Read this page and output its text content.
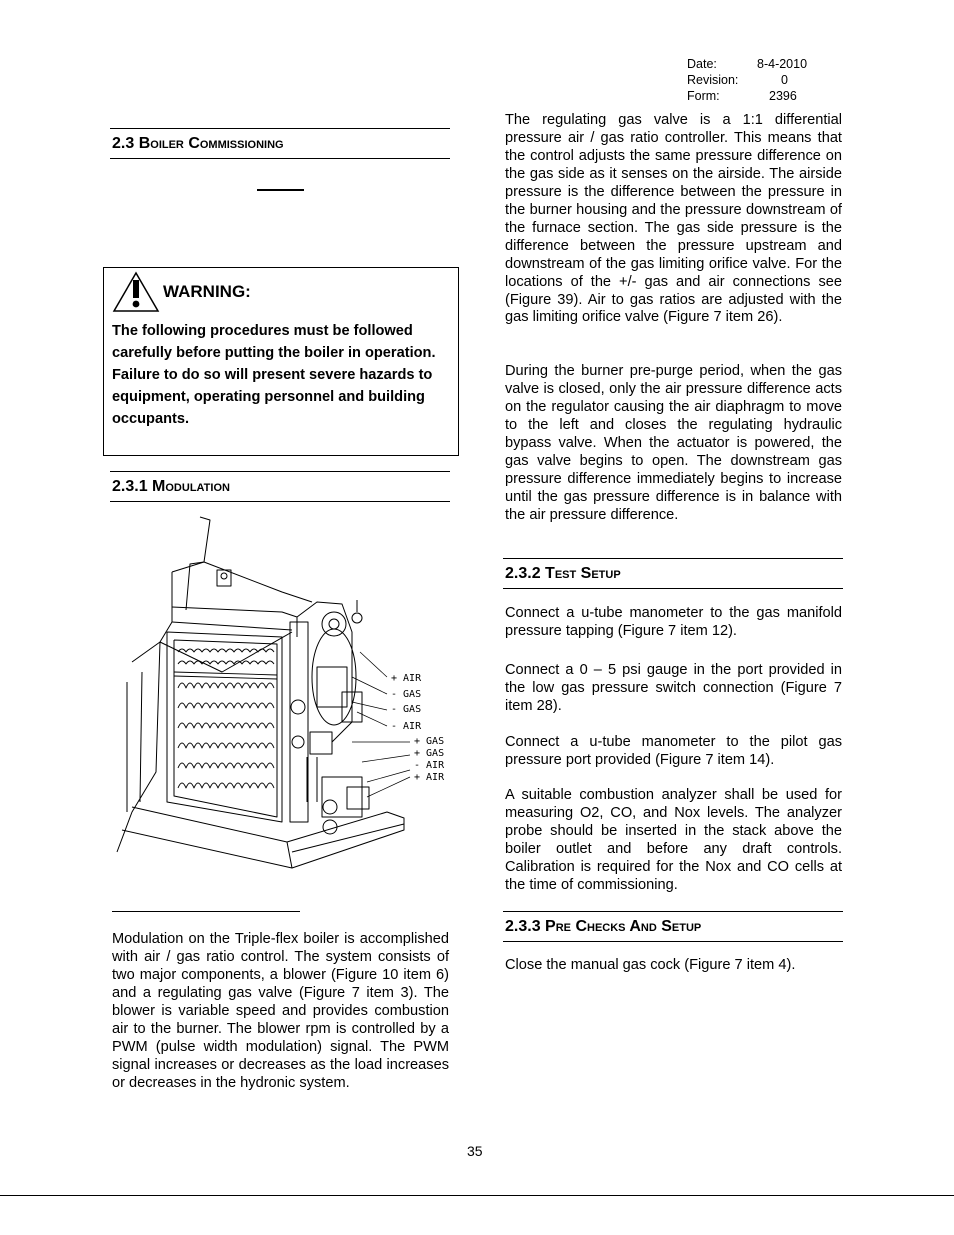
Date:	8-4-2010
Revision:	0
Form:	2396
2.3 Boiler Commissioning
WARNING:
The following procedures must be followed carefully before putting the boiler in operation. Failure to do so will present severe hazards to equipment, operating personnel and building occupants.
2.3.1 Modulation
+ AIR
- GAS
- GAS
- AIR
+ GAS
+ GAS
- AIR
+ AIR
Modulation on the Triple-flex boiler is accomplished with air / gas ratio control. The system consists of two major components, a blower (Figure 10 item 6) and a regulating gas valve (Figure 7 item 3). The blower is variable speed and provides combustion air to the burner. The blower rpm is controlled by a PWM (pulse width modulation) signal. The PWM signal increases or decreases as the load increases or decreases in the hydronic system.
The regulating gas valve is a 1:1 differential pressure air / gas ratio controller. This means that the control adjusts the same pressure difference on the gas side as it senses on the airside. The airside pressure is the difference between the pressure in the burner housing and the pressure downstream of the furnace section. The gas side pressure is the difference between the pressure upstream and downstream of the gas limiting orifice valve. For the locations of the +/- gas and air connections see (Figure 39). Air to gas ratios are adjusted with the gas limiting orifice valve (Figure 7 item 26).
During the burner pre-purge period, when the gas valve is closed, only the air pressure difference acts on the regulator causing the air diaphragm to move to the left and closes the regulating hydraulic bypass valve. When the actuator is powered, the gas valve begins to open. The downstream gas pressure difference immediately begins to increase until the gas pressure difference is in balance with the air pressure difference.
2.3.2 Test Setup
Connect a u-tube manometer to the gas manifold pressure tapping (Figure 7 item 12).
Connect a 0 – 5 psi gauge in the port provided in the low gas pressure switch connection (Figure 7 item 28).
Connect a u-tube manometer to the pilot gas pressure port provided (Figure 7 item 14).
A suitable combustion analyzer shall be used for measuring O2, CO, and Nox levels. The analyzer probe should be inserted in the stack above the boiler outlet and before any draft controls. Calibration is required for the Nox and CO cells at the time of commissioning.
2.3.3 Pre Checks And Setup
Close the manual gas cock (Figure 7 item 4).
35
